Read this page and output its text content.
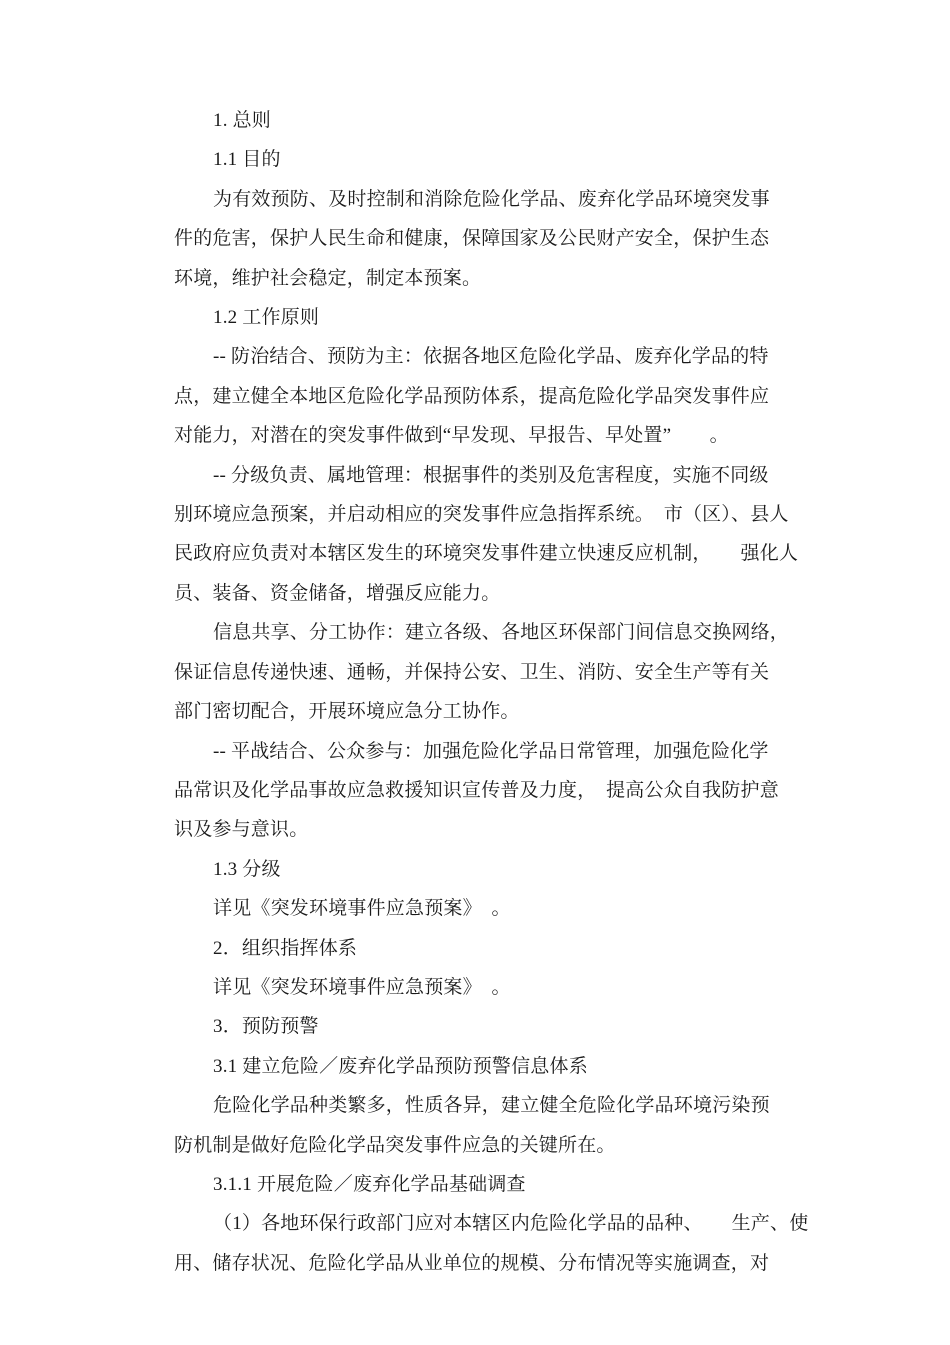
1. 总则

1.1 目的

为有效预防、及时控制和消除危险化学品、废弃化学品环境突发事
件的危害，保护人民生命和健康，保障国家及公民财产安全，保护生态
环境，维护社会稳定，制定本预案。

1.2 工作原则

-- 防治结合、预防为主：依据各地区危险化学品、废弃化学品的特
点，建立健全本地区危险化学品预防体系，提高危险化学品突发事件应
对能力，对潜在的突发事件做到“早发现、早报告、早处置”　　。

-- 分级负责、属地管理：根据事件的类别及危害程度，实施不同级
别环境应急预案，并启动相应的突发事件应急指挥系统。　市（区）、县人
民政府应负责对本辖区发生的环境突发事件建立快速反应机制，　　强化人
员、装备、资金储备，增强反应能力。

信息共享、分工协作：建立各级、各地区环保部门间信息交换网络，
保证信息传递快速、通畅，并保持公安、卫生、消防、安全生产等有关
部门密切配合，开展环境应急分工协作。

-- 平战结合、公众参与：加强危险化学品日常管理，加强危险化学
品常识及化学品事故应急救援知识宣传普及力度，　提高公众自我防护意
识及参与意识。

1.3 分级

详见《突发环境事件应急预案》　。

2．组织指挥体系

详见《突发环境事件应急预案》　。

3．预防预警

3.1 建立危险／废弃化学品预防预警信息体系

危险化学品种类繁多，性质各异，建立健全危险化学品环境污染预
防机制是做好危险化学品突发事件应急的关键所在。

3.1.1 开展危险／废弃化学品基础调查

（1）各地环保行政部门应对本辖区内危险化学品的品种、　　生产、使
用、储存状况、危险化学品从业单位的规模、分布情况等实施调查，对
